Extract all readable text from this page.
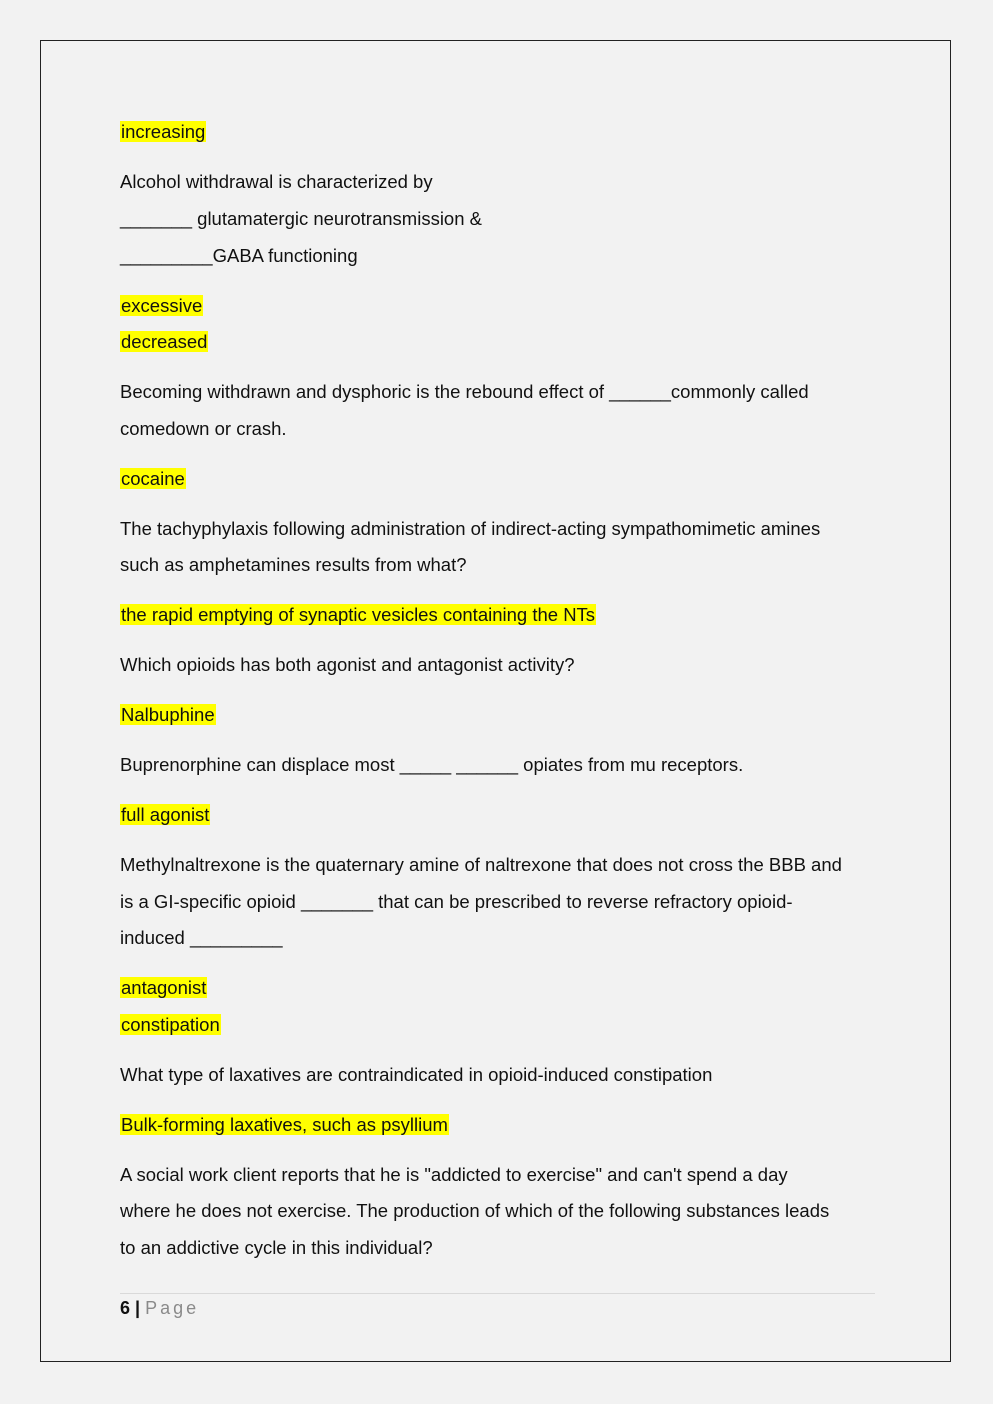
increasing
Alcohol withdrawal is characterized by
_______ glutamatergic neurotransmission &
_________GABA functioning
excessive
decreased
Becoming withdrawn and dysphoric is the rebound effect of ______commonly called
comedown or crash.
cocaine
The tachyphylaxis following administration of indirect-acting sympathomimetic amines
such as amphetamines results from what?
the rapid emptying of synaptic vesicles containing the NTs
Which opioids has both agonist and antagonist activity?
Nalbuphine
Buprenorphine can displace most _____ ______ opiates from mu receptors.
full agonist
Methylnaltrexone is the quaternary amine of naltrexone that does not cross the BBB and
is a GI-specific opioid _______ that can be prescribed to reverse refractory opioid-
induced _________
antagonist
constipation
What type of laxatives are contraindicated in opioid-induced constipation
Bulk-forming laxatives, such as psyllium
A social work client reports that he is "addicted to exercise" and can't spend a day
where he does not exercise. The production of which of the following substances leads
to an addictive cycle in this individual?
6 | Page
